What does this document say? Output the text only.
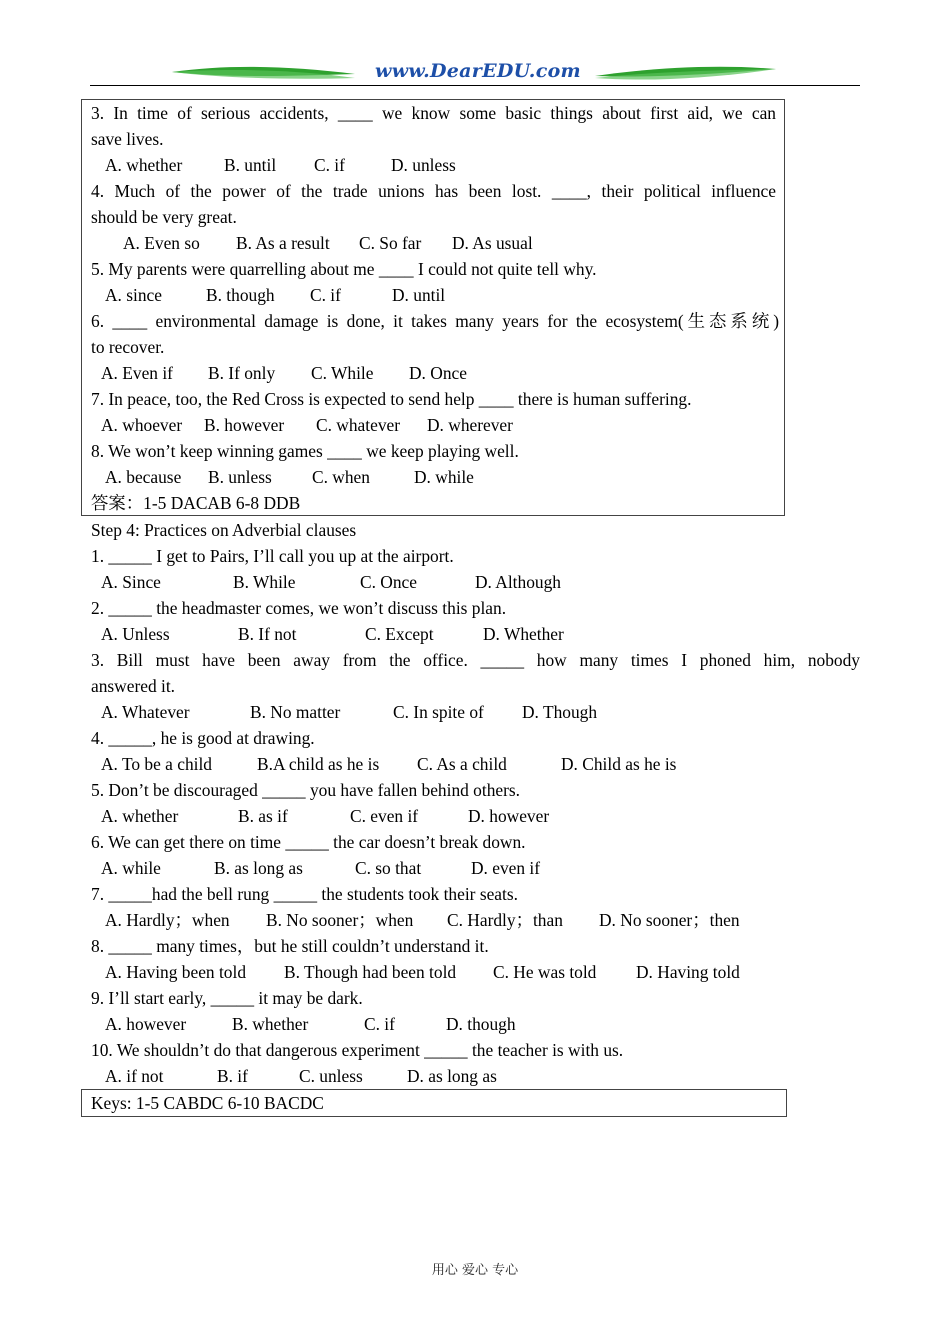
www.DearEDU.com
3. In time of serious accidents, ____ we know some basic things about first aid, we can
save lives.
A. whether B. until C. if	D. unless
4. Much of the power of the trade unions has been lost. ____, their political influence
should be very great.
A. Even so B. As a result C. So far D. As usual
5. My parents were quarrelling about me ____ I could not quite tell why.
A. since	B. though C. if	D. until
6. ____ environmental damage is done, it takes many years for the ecosystem(生态系统)
to recover.
A. Even if B. If only C. While D. Once
7. In peace, too, the Red Cross is expected to send help ____ there is human suffering.
A. whoever B. however C. whatever D. wherever
8. We won’t keep winning games ____ we keep playing well.
A. because B. unless C. when	D. while
答案：1-5 DACAB 6-8 DDB
Step 4: Practices on Adverbial clauses
1. _____ I get to Pairs, I’ll call you up at the airport.
A. Since	B. While	C. Once	D. Although
2. _____ the headmaster comes, we won’t discuss this plan.
A. Unless	B. If not	C. Except	D. Whether
3. Bill must have been away from the office. _____ how many times I phoned him, nobody
answered it.
A. Whatever	B. No matter	C. In spite of D. Though
4. _____, he is good at drawing.
A. To be a child	B.A child as he is C. As a child	D. Child as he is
5. Don’t be discouraged _____ you have fallen behind others.
A. whether	B. as if	C. even if	D. however
6. We can get there on time _____ the car doesn’t break down.
A. while	B. as long as	C. so that	D. even if
7. _____had the bell rung _____ the students took their seats.
A. Hardly；when B. No sooner；when C. Hardly；than D. No sooner；then
8. _____ many times，but he still couldn’t understand it.
A. Having been told B. Though had been told C. He was told D. Having told
9. I’ll start early, _____ it may be dark.
A. however	B. whether	C. if	D. though
10. We shouldn’t do that dangerous experiment _____ the teacher is with us.
A. if not	B. if	C. unless	D. as long as
Keys: 1-5 CABDC 6-10 BACDC
用心 爱心 专心
